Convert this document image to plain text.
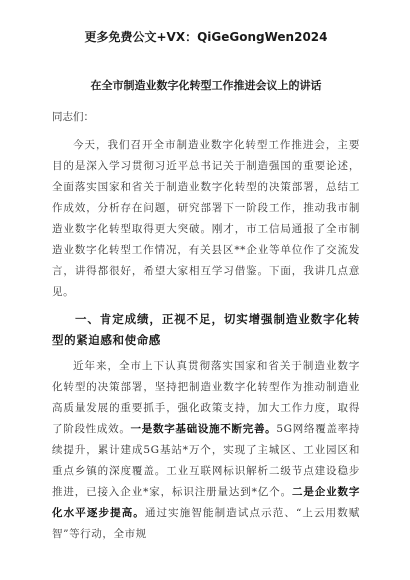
更多免费公文+VX：QiGeGongWen2024
在全市制造业数字化转型工作推进会议上的讲话
同志们：

今天，我们召开全市制造业数字化转型工作推进会，主要目的是深入学习贯彻习近平总书记关于制造强国的重要论述，全面落实国家和省关于制造业数字化转型的决策部署，总结工作成效，分析存在问题，研究部署下一阶段工作，推动我市制造业数字化转型取得更大突破。刚才，市工信局通报了全市制造业数字化转型工作情况，有关县区**企业等单位作了交流发言，讲得都很好，希望大家相互学习借鉴。下面，我讲几点意见。

一、肯定成绩，正视不足，切实增强制造业数字化转型的紧迫感和使命感

近年来，全市上下认真贯彻落实国家和省关于制造业数字化转型的决策部署，坚持把制造业数字化转型作为推动制造业高质量发展的重要抓手，强化政策支持，加大工作力度，取得了阶段性成效。一是数字基础设施不断完善。5G网络覆盖率持续提升，累计建成5G基站*万个，实现了主城区、工业园区和重点乡镇的深度覆盖。工业互联网标识解析二级节点建设稳步推进，已接入企业*家，标识注册量达到*亿个。二是企业数字化水平逐步提高。通过实施智能制造试点示范、“上云用数赋智”等行动，全市规
